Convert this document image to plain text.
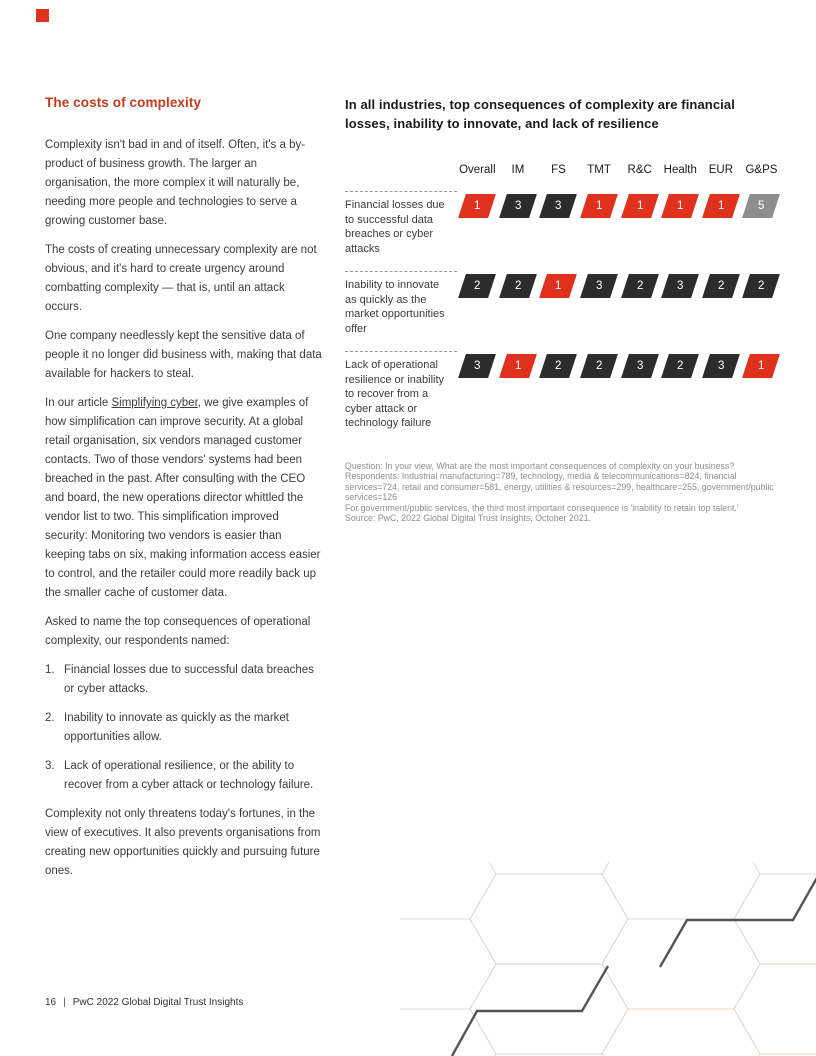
The costs of complexity

Complexity isn't bad in and of itself. Often, it's a by-product of business growth. The larger an organisation, the more complex it will naturally be, needing more people and technologies to serve a growing customer base.

The costs of creating unnecessary complexity are not obvious, and it's hard to create urgency around combatting complexity — that is, until an attack occurs.

One company needlessly kept the sensitive data of people it no longer did business with, making that data available for hackers to steal.

In our article Simplifying cyber, we give examples of how simplification can improve security. At a global retail organisation, six vendors managed customer contacts. Two of those vendors' systems had been breached in the past. After consulting with the CEO and board, the new operations director whittled the vendor list to two. This simplification improved security: Monitoring two vendors is easier than keeping tabs on six, making information access easier to control, and the retailer could more readily back up the smaller cache of customer data.

Asked to name the top consequences of operational complexity, our respondents named:

1. Financial losses due to successful data breaches or cyber attacks.
2. Inability to innovate as quickly as the market opportunities allow.
3. Lack of operational resilience, or the ability to recover from a cyber attack or technology failure.

Complexity not only threatens today's fortunes, in the view of executives. It also prevents organisations from creating new opportunities quickly and pursuing future ones.

In all industries, top consequences of complexity are financial losses, inability to innovate, and lack of resilience
Overall	IM	FS	TMT	R&C	Health	EUR	G&PS
Financial losses due to successful data breaches or cyber attacks
1	3	3	1	1	1	1	5
Inability to innovate as quickly as the market opportunities offer
2	2	1	3	2	3	2	2
Lack of operational resilience or inability to recover from a cyber attack or technology failure
3	1	2	2	3	2	3	1
Question: In your view, What are the most important consequences of complexity on your business?
Respondents: Industrial manufacturing=789, technology, media & telecommunications=824, financial services=724, retail and consumer=581, energy, utilities & resources=299, healthcare=255, government/public services=126
For government/public services, the third most important consequence is 'inability to retain top talent.'
Source: PwC, 2022 Global Digital Trust Insights, October 2021.
16 | PwC 2022 Global Digital Trust Insights
